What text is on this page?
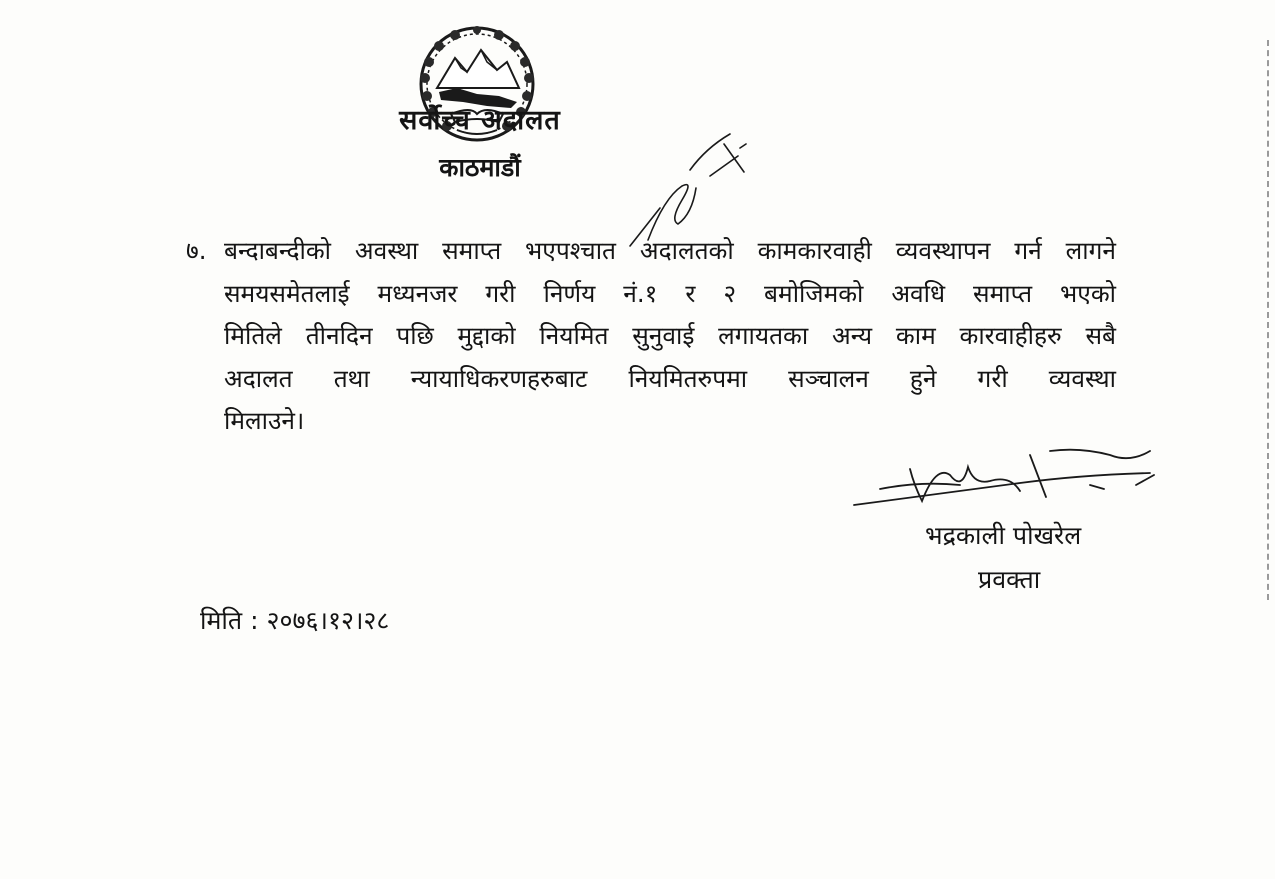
सर्वोच्च अदालत
काठमाडौं
७. बन्दाबन्दीको अवस्था समाप्त भएपश्चात अदालतको कामकारवाही व्यवस्थापन गर्न लागने
समयसमेतलाई मध्यनजर गरी निर्णय नं.१ र २ बमोजिमको अवधि समाप्त भएको
मितिले तीनदिन पछि मुद्दाको नियमित सुनुवाई लगायतका अन्य काम कारवाहीहरु सबै
अदालत तथा न्यायाधिकरणहरुबाट नियमितरुपमा सञ्चालन हुने गरी व्यवस्था
मिलाउने।
भद्रकाली पोखरेल
प्रवक्ता
मिति : २०७६।१२।२८
